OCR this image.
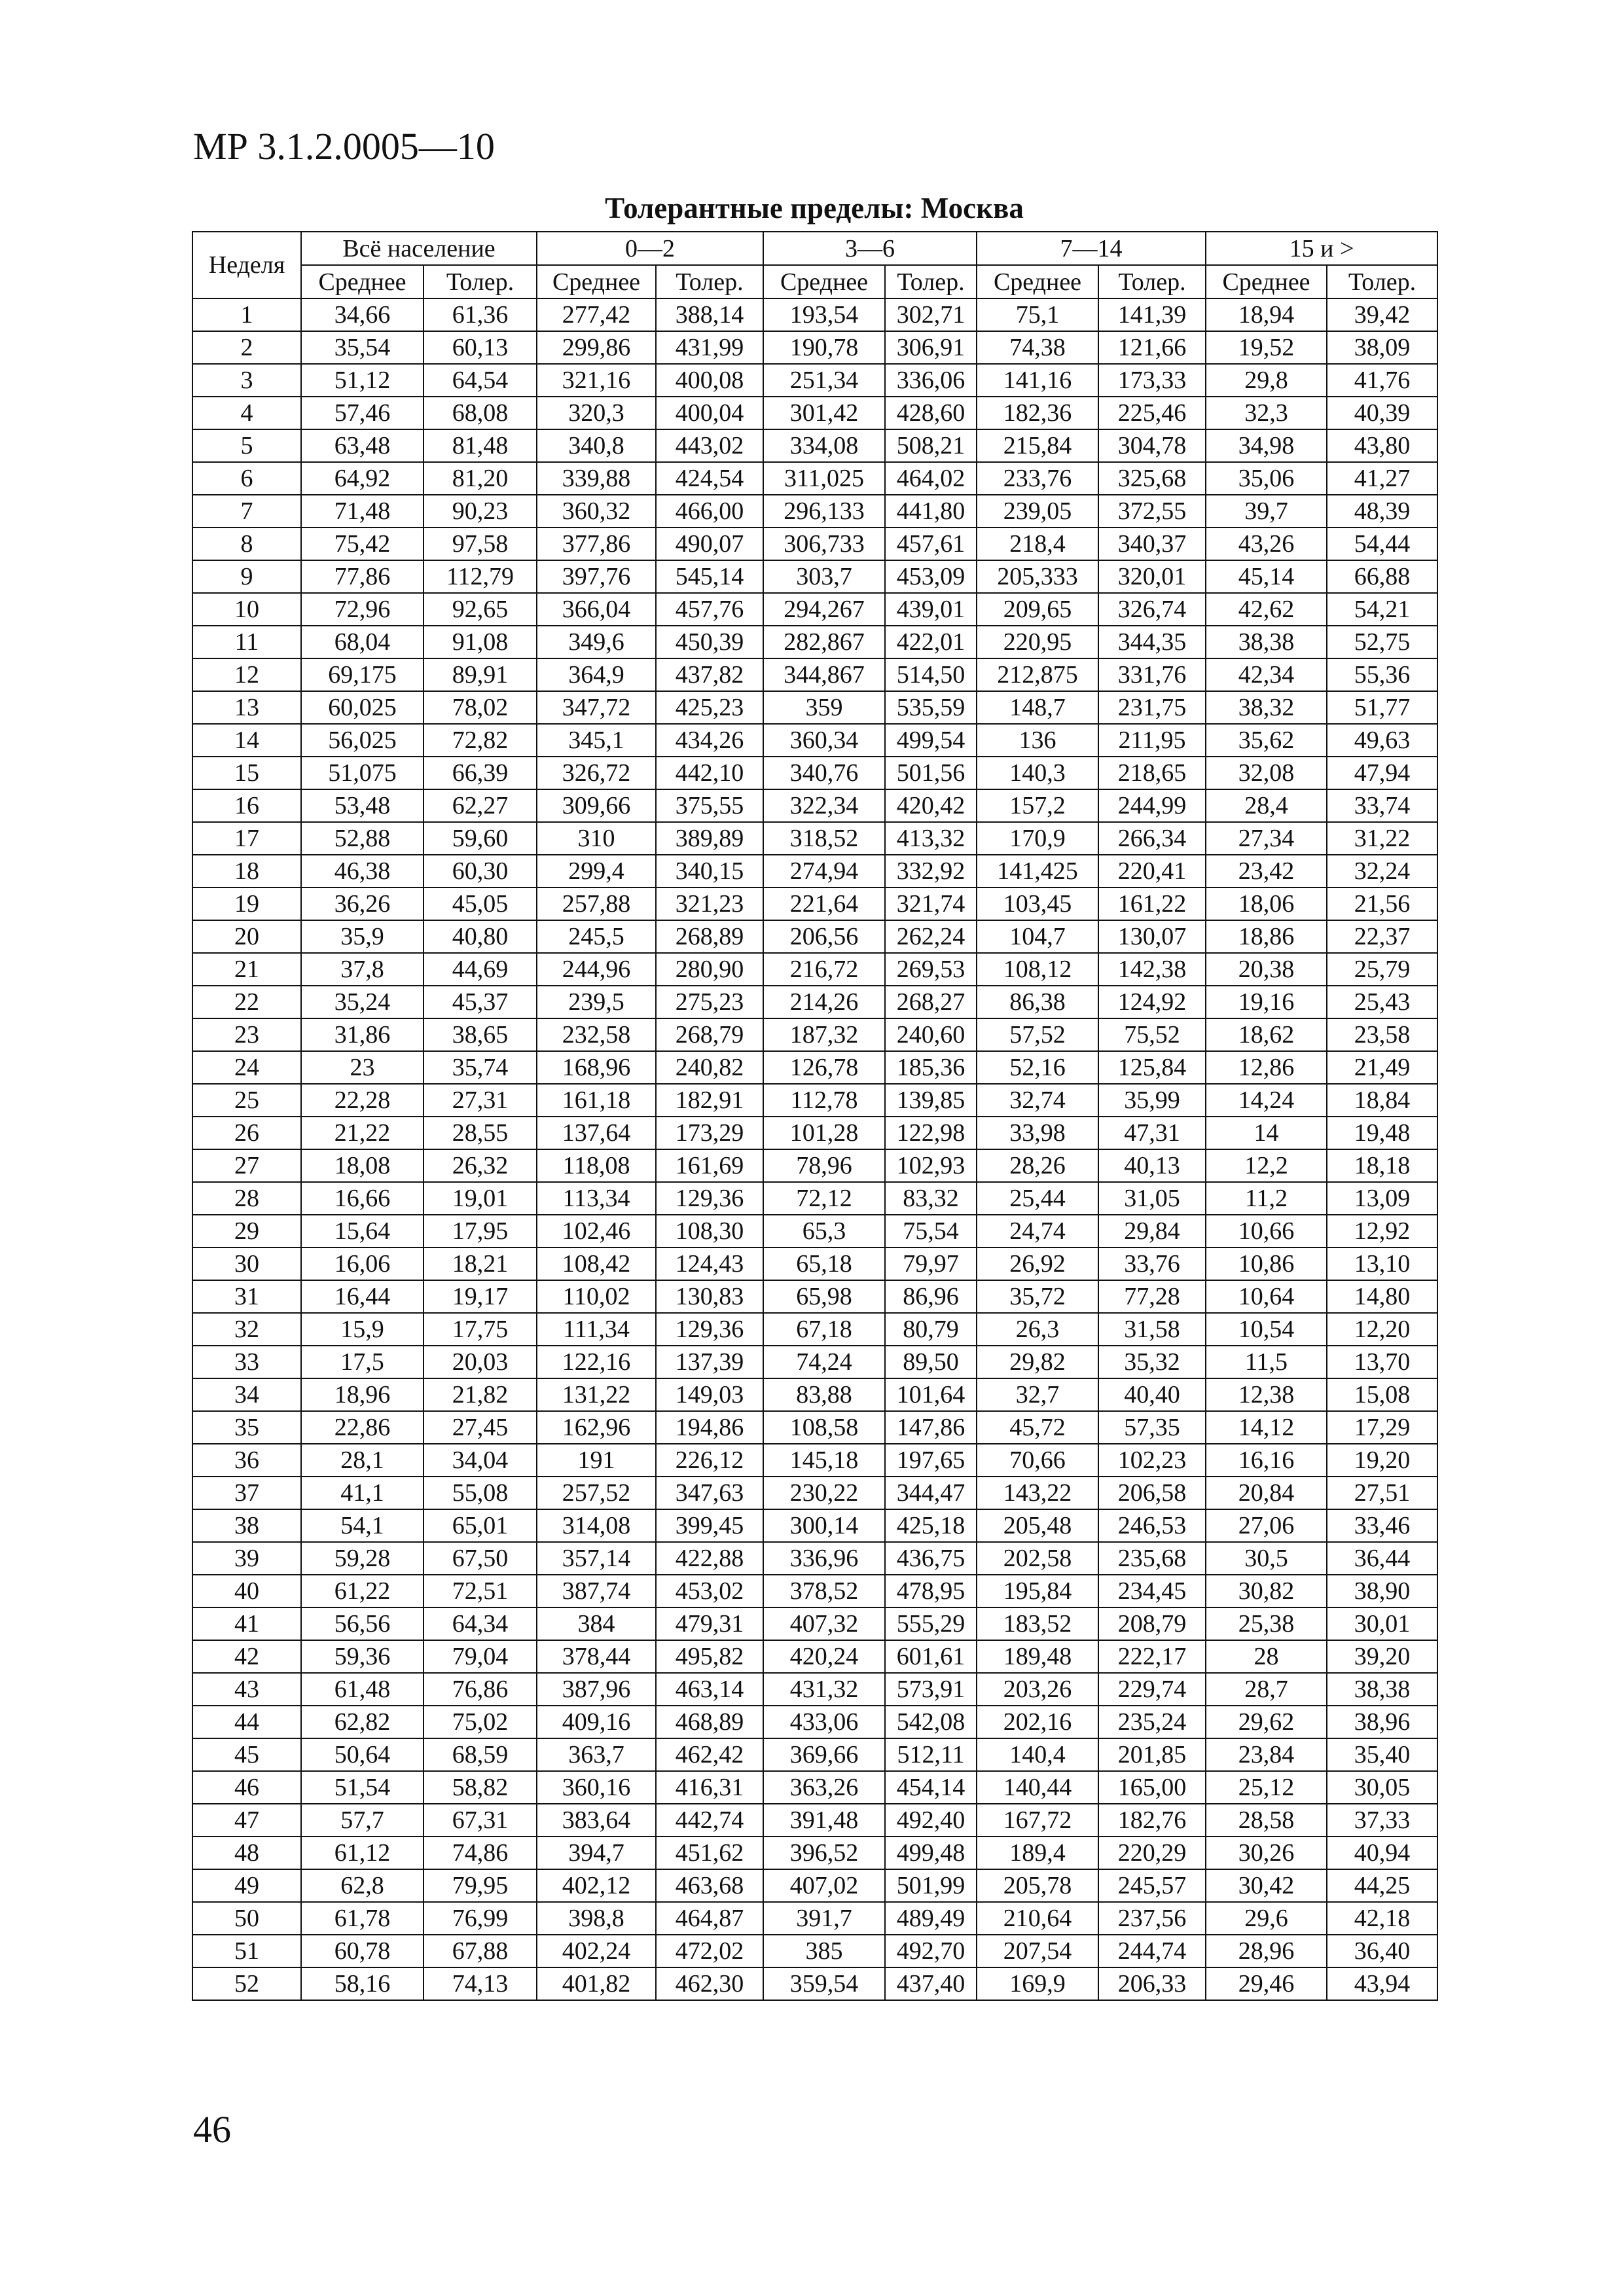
МР 3.1.2.0005—10
Толерантные пределы: Москва
Неделя	Всё население		0—2		3—6		7—14		15 и >	
	Среднее	Толер.	Среднее	Толер.	Среднее	Толер.	Среднее	Толер.	Среднее	Толер.
1	34,66	61,36	277,42	388,14	193,54	302,71	75,1	141,39	18,94	39,42
2	35,54	60,13	299,86	431,99	190,78	306,91	74,38	121,66	19,52	38,09
3	51,12	64,54	321,16	400,08	251,34	336,06	141,16	173,33	29,8	41,76
4	57,46	68,08	320,3	400,04	301,42	428,60	182,36	225,46	32,3	40,39
5	63,48	81,48	340,8	443,02	334,08	508,21	215,84	304,78	34,98	43,80
6	64,92	81,20	339,88	424,54	311,025	464,02	233,76	325,68	35,06	41,27
7	71,48	90,23	360,32	466,00	296,133	441,80	239,05	372,55	39,7	48,39
8	75,42	97,58	377,86	490,07	306,733	457,61	218,4	340,37	43,26	54,44
9	77,86	112,79	397,76	545,14	303,7	453,09	205,333	320,01	45,14	66,88
10	72,96	92,65	366,04	457,76	294,267	439,01	209,65	326,74	42,62	54,21
11	68,04	91,08	349,6	450,39	282,867	422,01	220,95	344,35	38,38	52,75
12	69,175	89,91	364,9	437,82	344,867	514,50	212,875	331,76	42,34	55,36
13	60,025	78,02	347,72	425,23	359	535,59	148,7	231,75	38,32	51,77
14	56,025	72,82	345,1	434,26	360,34	499,54	136	211,95	35,62	49,63
15	51,075	66,39	326,72	442,10	340,76	501,56	140,3	218,65	32,08	47,94
16	53,48	62,27	309,66	375,55	322,34	420,42	157,2	244,99	28,4	33,74
17	52,88	59,60	310	389,89	318,52	413,32	170,9	266,34	27,34	31,22
18	46,38	60,30	299,4	340,15	274,94	332,92	141,425	220,41	23,42	32,24
19	36,26	45,05	257,88	321,23	221,64	321,74	103,45	161,22	18,06	21,56
20	35,9	40,80	245,5	268,89	206,56	262,24	104,7	130,07	18,86	22,37
21	37,8	44,69	244,96	280,90	216,72	269,53	108,12	142,38	20,38	25,79
22	35,24	45,37	239,5	275,23	214,26	268,27	86,38	124,92	19,16	25,43
23	31,86	38,65	232,58	268,79	187,32	240,60	57,52	75,52	18,62	23,58
24	23	35,74	168,96	240,82	126,78	185,36	52,16	125,84	12,86	21,49
25	22,28	27,31	161,18	182,91	112,78	139,85	32,74	35,99	14,24	18,84
26	21,22	28,55	137,64	173,29	101,28	122,98	33,98	47,31	14	19,48
27	18,08	26,32	118,08	161,69	78,96	102,93	28,26	40,13	12,2	18,18
28	16,66	19,01	113,34	129,36	72,12	83,32	25,44	31,05	11,2	13,09
29	15,64	17,95	102,46	108,30	65,3	75,54	24,74	29,84	10,66	12,92
30	16,06	18,21	108,42	124,43	65,18	79,97	26,92	33,76	10,86	13,10
31	16,44	19,17	110,02	130,83	65,98	86,96	35,72	77,28	10,64	14,80
32	15,9	17,75	111,34	129,36	67,18	80,79	26,3	31,58	10,54	12,20
33	17,5	20,03	122,16	137,39	74,24	89,50	29,82	35,32	11,5	13,70
34	18,96	21,82	131,22	149,03	83,88	101,64	32,7	40,40	12,38	15,08
35	22,86	27,45	162,96	194,86	108,58	147,86	45,72	57,35	14,12	17,29
36	28,1	34,04	191	226,12	145,18	197,65	70,66	102,23	16,16	19,20
37	41,1	55,08	257,52	347,63	230,22	344,47	143,22	206,58	20,84	27,51
38	54,1	65,01	314,08	399,45	300,14	425,18	205,48	246,53	27,06	33,46
39	59,28	67,50	357,14	422,88	336,96	436,75	202,58	235,68	30,5	36,44
40	61,22	72,51	387,74	453,02	378,52	478,95	195,84	234,45	30,82	38,90
41	56,56	64,34	384	479,31	407,32	555,29	183,52	208,79	25,38	30,01
42	59,36	79,04	378,44	495,82	420,24	601,61	189,48	222,17	28	39,20
43	61,48	76,86	387,96	463,14	431,32	573,91	203,26	229,74	28,7	38,38
44	62,82	75,02	409,16	468,89	433,06	542,08	202,16	235,24	29,62	38,96
45	50,64	68,59	363,7	462,42	369,66	512,11	140,4	201,85	23,84	35,40
46	51,54	58,82	360,16	416,31	363,26	454,14	140,44	165,00	25,12	30,05
47	57,7	67,31	383,64	442,74	391,48	492,40	167,72	182,76	28,58	37,33
48	61,12	74,86	394,7	451,62	396,52	499,48	189,4	220,29	30,26	40,94
49	62,8	79,95	402,12	463,68	407,02	501,99	205,78	245,57	30,42	44,25
50	61,78	76,99	398,8	464,87	391,7	489,49	210,64	237,56	29,6	42,18
51	60,78	67,88	402,24	472,02	385	492,70	207,54	244,74	28,96	36,40
52	58,16	74,13	401,82	462,30	359,54	437,40	169,9	206,33	29,46	43,94
46
